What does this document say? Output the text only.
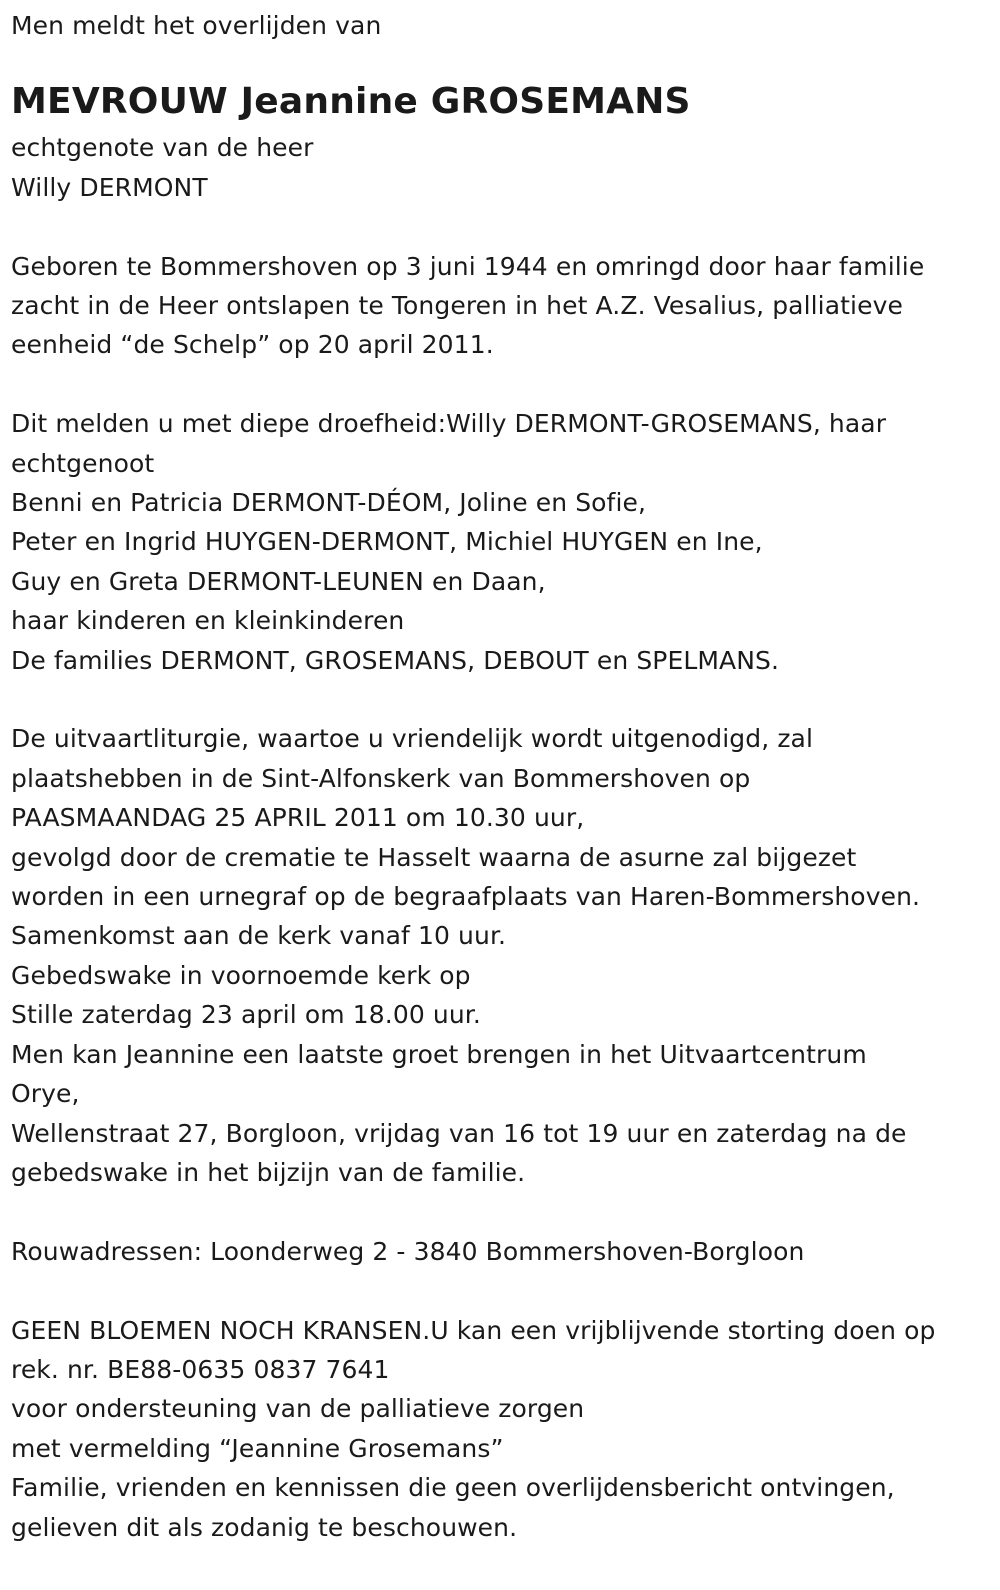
Men meldt het overlijden van
MEVROUW Jeannine GROSEMANS
echtgenote van de heer
Willy DERMONT
Geboren te Bommershoven op 3 juni 1944 en omringd door haar familie
zacht in de Heer ontslapen te Tongeren in het A.Z. Vesalius, palliatieve
eenheid “de Schelp” op 20 april 2011.
Dit melden u met diepe droefheid:Willy DERMONT-GROSEMANS, haar
echtgenoot
Benni en Patricia DERMONT-DÉOM, Joline en Sofie,
Peter en Ingrid HUYGEN-DERMONT, Michiel HUYGEN en Ine,
Guy en Greta DERMONT-LEUNEN en Daan,
haar kinderen en kleinkinderen
De families DERMONT, GROSEMANS, DEBOUT en SPELMANS.
De uitvaartliturgie, waartoe u vriendelijk wordt uitgenodigd, zal
plaatshebben in de Sint-Alfonskerk van Bommershoven op
PAASMAANDAG 25 APRIL 2011 om 10.30 uur,
gevolgd door de crematie te Hasselt waarna de asurne zal bijgezet
worden in een urnegraf op de begraafplaats van Haren-Bommershoven.
Samenkomst aan de kerk vanaf 10 uur.
Gebedswake in voornoemde kerk op
Stille zaterdag 23 april om 18.00 uur.
Men kan Jeannine een laatste groet brengen in het Uitvaartcentrum
Orye,
Wellenstraat 27, Borgloon, vrijdag van 16 tot 19 uur en zaterdag na de
gebedswake in het bijzijn van de familie.
Rouwadressen: Loonderweg 2 - 3840 Bommershoven-Borgloon
GEEN BLOEMEN NOCH KRANSEN.U kan een vrijblijvende storting doen op
rek. nr. BE88-0635 0837 7641
voor ondersteuning van de palliatieve zorgen
met vermelding “Jeannine Grosemans”
Familie, vrienden en kennissen die geen overlijdensbericht ontvingen,
gelieven dit als zodanig te beschouwen.
